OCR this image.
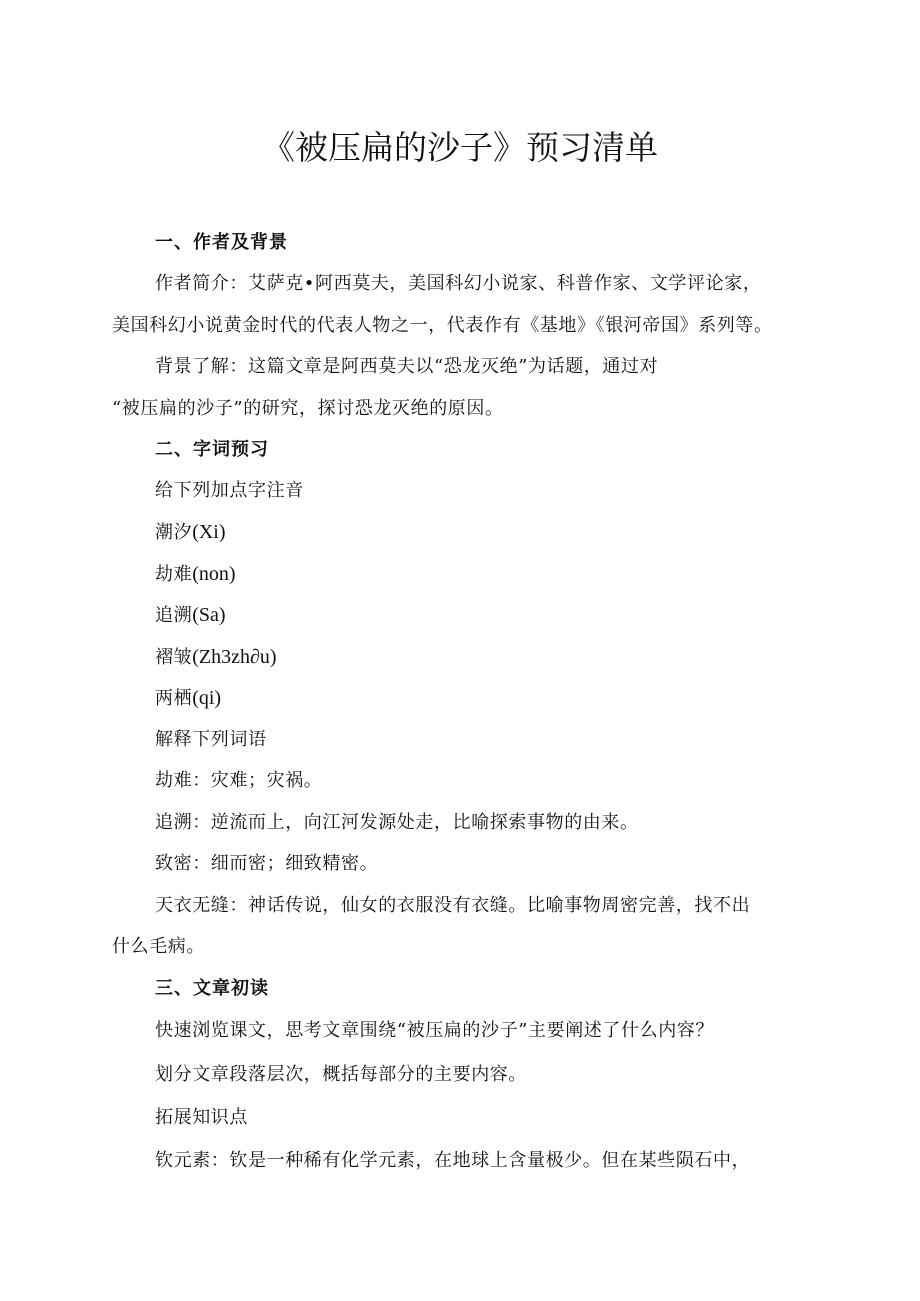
《被压扁的沙子》预习清单
一、作者及背景
作者简介：艾萨克•阿西莫夫，美国科幻小说家、科普作家、文学评论家，
美国科幻小说黄金时代的代表人物之一，代表作有《基地》《银河帝国》系列等。
背景了解：这篇文章是阿西莫夫以“恐龙灭绝”为话题，通过对
“被压扁的沙子”的研究，探讨恐龙灭绝的原因。
二、字词预习
给下列加点字注音
潮汐(Xi)
劫难(non)
追溯(Sa)
褶皱(Zh3zh∂u)
两栖(qi)
解释下列词语
劫难：灾难；灾祸。
追溯：逆流而上，向江河发源处走，比喻探索事物的由来。
致密：细而密；细致精密。
天衣无缝：神话传说，仙女的衣服没有衣缝。比喻事物周密完善，找不出
什么毛病。
三、文章初读
快速浏览课文，思考文章围绕“被压扁的沙子”主要阐述了什么内容？
划分文章段落层次，概括每部分的主要内容。
拓展知识点
钦元素：钦是一种稀有化学元素，在地球上含量极少。但在某些陨石中，
